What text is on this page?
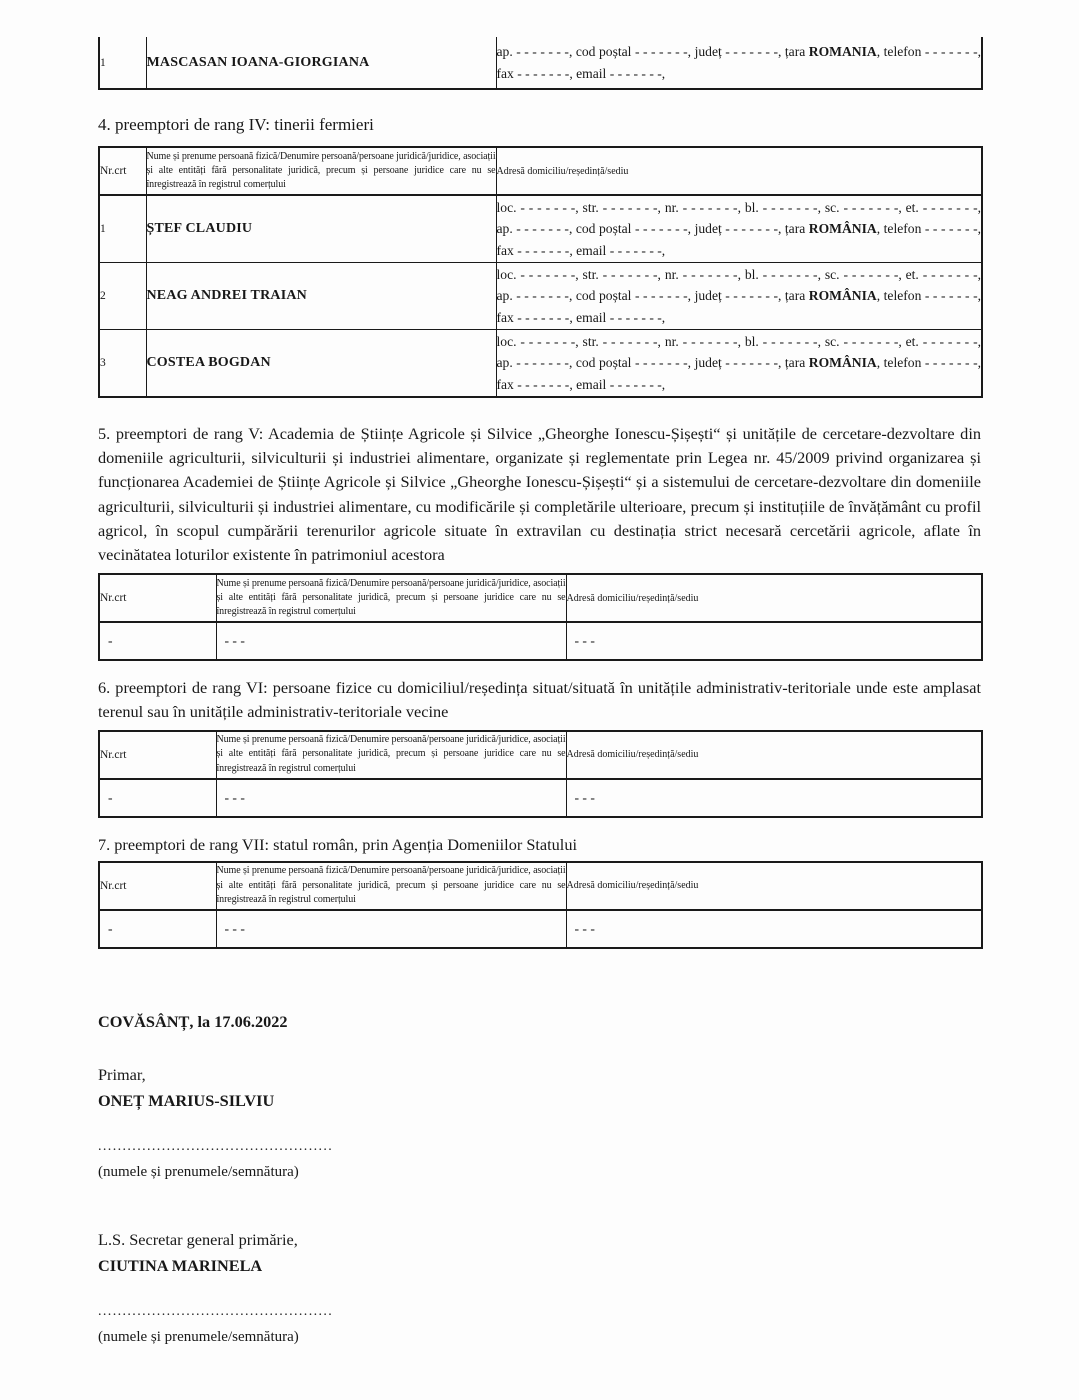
1	MASCASAN IOANA-GIORGIANA	
ap. - - - - - - -, cod poștal - - - - - - -, județ - - - - - - -, țara ROMANIA, telefon - - - - - - -,
fax - - - - - - -, email - - - - - - -,
4. preemptori de rang IV: tinerii fermieri
Nr.crt	Nume și prenume persoană fizică/Denumire persoană/persoane juridică/juridice, asociații și alte entități fără personalitate juridică, precum și persoane juridice care nu se înregistrează în registrul comerțului	Adresă domiciliu/reședință/sediu
1	ȘTEF CLAUDIU	loc. - - - - - - -, str. - - - - - - -, nr. - - - - - - -, bl. - - - - - - -, sc. - - - - - - -, et. - - - - - - -,
ap. - - - - - - -, cod poștal - - - - - - -, județ - - - - - - -, țara ROMÂNIA, telefon - - - - - - -,
fax - - - - - - -, email - - - - - - -,

2	NEAG ANDREI TRAIAN	loc. - - - - - - -, str. - - - - - - -, nr. - - - - - - -, bl. - - - - - - -, sc. - - - - - - -, et. - - - - - - -,
ap. - - - - - - -, cod poștal - - - - - - -, județ - - - - - - -, țara ROMÂNIA, telefon - - - - - - -,
fax - - - - - - -, email - - - - - - -,

3	COSTEA BOGDAN	loc. - - - - - - -, str. - - - - - - -, nr. - - - - - - -, bl. - - - - - - -, sc. - - - - - - -, et. - - - - - - -,
ap. - - - - - - -, cod poștal - - - - - - -, județ - - - - - - -, țara ROMÂNIA, telefon - - - - - - -,
fax - - - - - - -, email - - - - - - -,
5. preemptori de rang V: Academia de Științe Agricole și Silvice „Gheorghe Ionescu-Șișești“ și unitățile de cercetare-dezvoltare din domeniile agriculturii, silviculturii și industriei alimentare, organizate și reglementate prin Legea nr. 45/2009 privind organizarea și funcționarea Academiei de Științe Agricole și Silvice „Gheorghe Ionescu-Șișești“ și a sistemului de cercetare-dezvoltare din domeniile agriculturii, silviculturii și industriei alimentare, cu modificările și completările ulterioare, precum și instituțiile de învățământ cu profil agricol, în scopul cumpărării terenurilor agricole situate în extravilan cu destinația strict necesară cercetării agricole, aflate în vecinătatea loturilor existente în patrimoniul acestora
Nr.crt	Nume și prenume persoană fizică/Denumire persoană/persoane juridică/juridice, asociații și alte entități fără personalitate juridică, precum și persoane juridice care nu se înregistrează în registrul comerțului	Adresă domiciliu/reședință/sediu
-	- - -	- - -
6. preemptori de rang VI: persoane fizice cu domiciliul/reședința situat/situată în unitățile administrativ-teritoriale unde este amplasat terenul sau în unitățile administrativ-teritoriale vecine
Nr.crt	Nume și prenume persoană fizică/Denumire persoană/persoane juridică/juridice, asociații și alte entități fără personalitate juridică, precum și persoane juridice care nu se înregistrează în registrul comerțului	Adresă domiciliu/reședință/sediu
-	- - -	- - -
7. preemptori de rang VII: statul român, prin Agenția Domeniilor Statului
Nr.crt	Nume și prenume persoană fizică/Denumire persoană/persoane juridică/juridice, asociații și alte entități fără personalitate juridică, precum și persoane juridice care nu se înregistrează în registrul comerțului	Adresă domiciliu/reședință/sediu
-	- - -	- - -
COVĂSÂNȚ, la 17.06.2022
Primar,
ONEȚ MARIUS-SILVIU
................................................
(numele și prenumele/semnătura)
L.S. Secretar general primărie,
CIUTINA MARINELA
................................................
(numele și prenumele/semnătura)
